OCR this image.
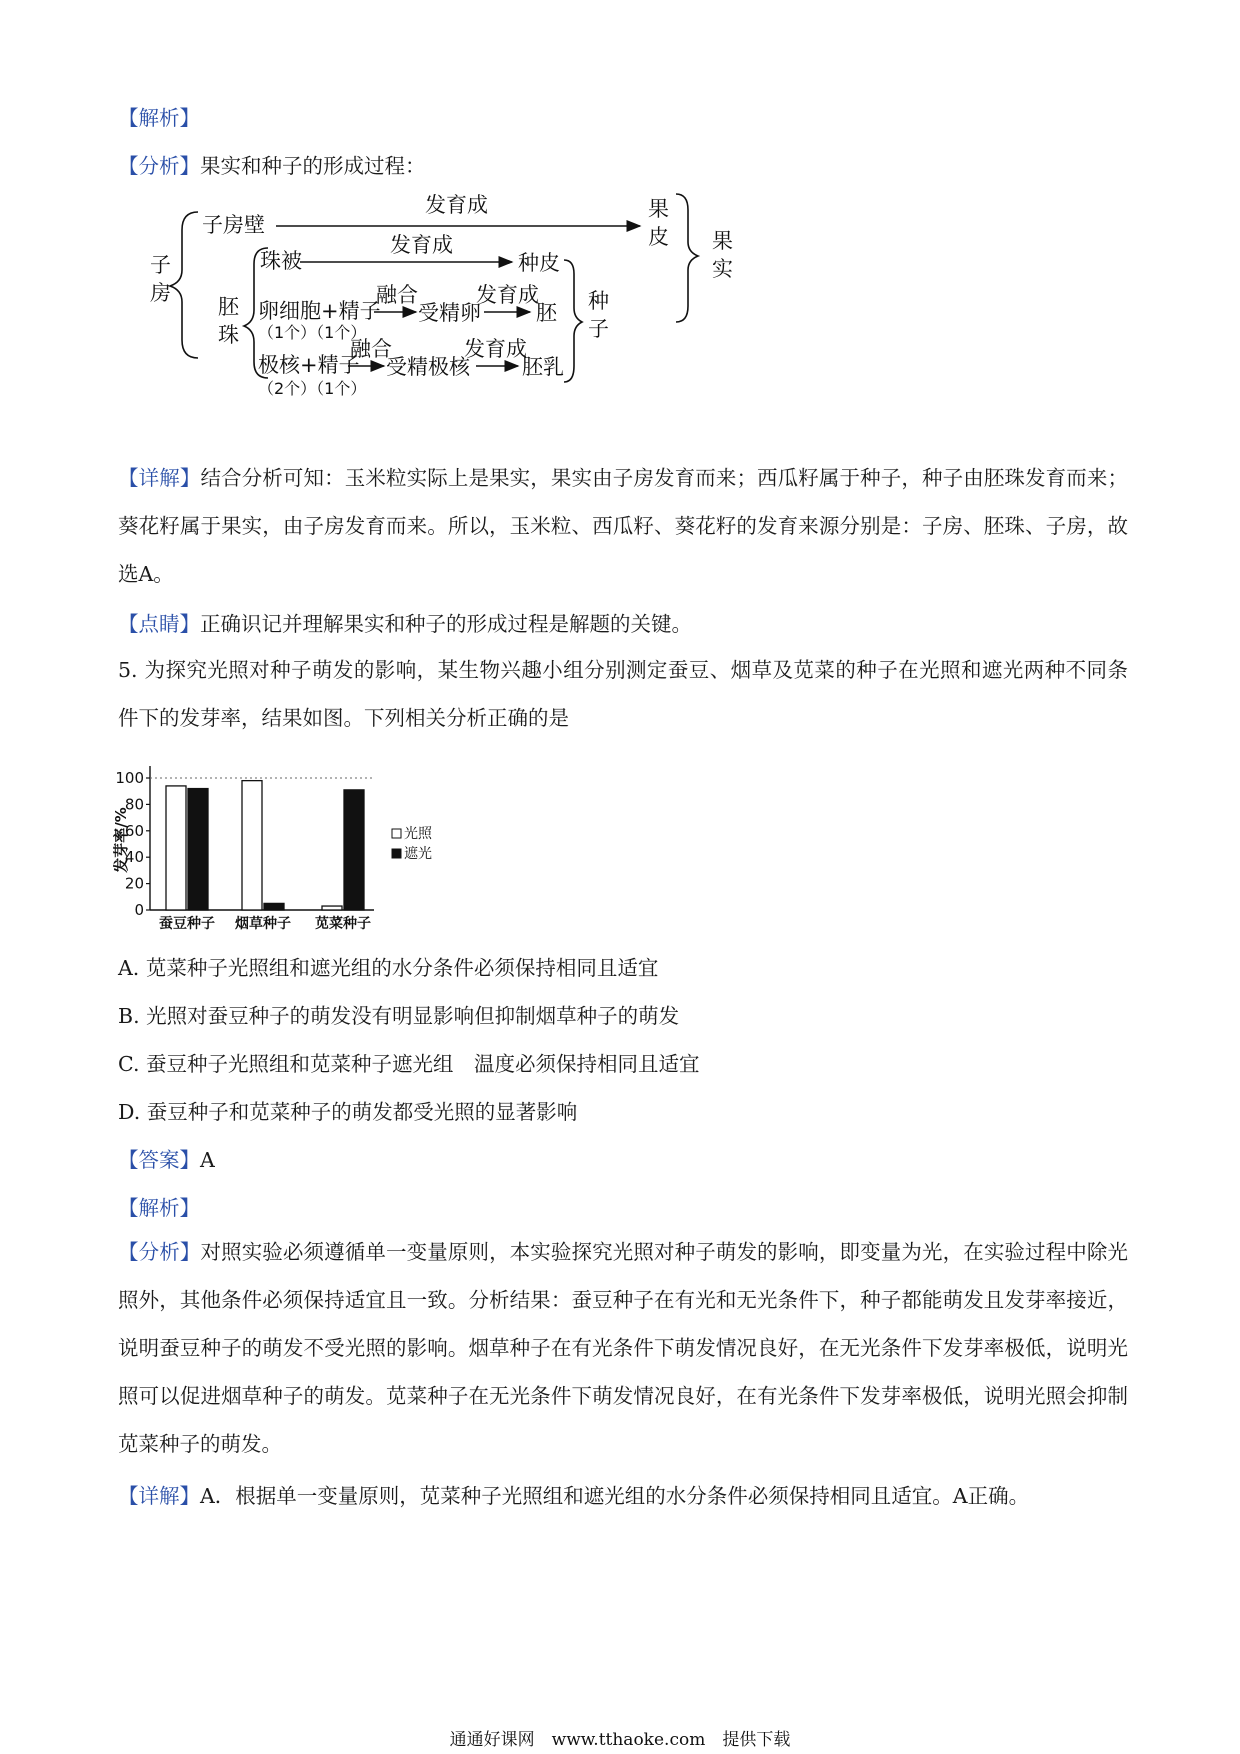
【解析】
【分析】果实和种子的形成过程：
子
房
子房壁
发育成	果
皮
胚
珠
珠被
发育成
种皮
卵细胞+精子
（1个）（1个）
融合
受精卵
发育成
胚
极核+精子
（2个）（1个）
融合
受精极核
发育成
胚乳
种
子
果
实
【详解】结合分析可知：玉米粒实际上是果实，果实由子房发育而来；西瓜籽属于种子，种子由胚珠发育而来；葵花籽属于果实，由子房发育而来。所以，玉米粒、西瓜籽、葵花籽的发育来源分别是：子房、胚珠、子房，故选A。
【点睛】正确识记并理解果实和种子的形成过程是解题的关键。
5. 为探究光照对种子萌发的影响，某生物兴趣小组分别测定蚕豆、烟草及苋菜的种子在光照和遮光两种不同条件下的发芽率，结果如图。下列相关分析正确的是
发芽率/%
0
20
40
60
80
100
蚕豆种子 烟草种子 苋菜种子
光照
遮光
A. 苋菜种子光照组和遮光组的水分条件必须保持相同且适宜
B. 光照对蚕豆种子的萌发没有明显影响但抑制烟草种子的萌发
C. 蚕豆种子光照组和苋菜种子遮光组　温度必须保持相同且适宜
D. 蚕豆种子和苋菜种子的萌发都受光照的显著影响
【答案】A
【解析】
【分析】对照实验必须遵循单一变量原则，本实验探究光照对种子萌发的影响，即变量为光，在实验过程中除光照外，其他条件必须保持适宜且一致。分析结果：蚕豆种子在有光和无光条件下，种子都能萌发且发芽率接近，说明蚕豆种子的萌发不受光照的影响。烟草种子在有光条件下萌发情况良好，在无光条件下发芽率极低，说明光照可以促进烟草种子的萌发。苋菜种子在无光条件下萌发情况良好，在有光条件下发芽率极低，说明光照会抑制苋菜种子的萌发。
【详解】A．根据单一变量原则，苋菜种子光照组和遮光组的水分条件必须保持相同且适宜。A正确。
通通好课网　www.tthaoke.com　提供下载
